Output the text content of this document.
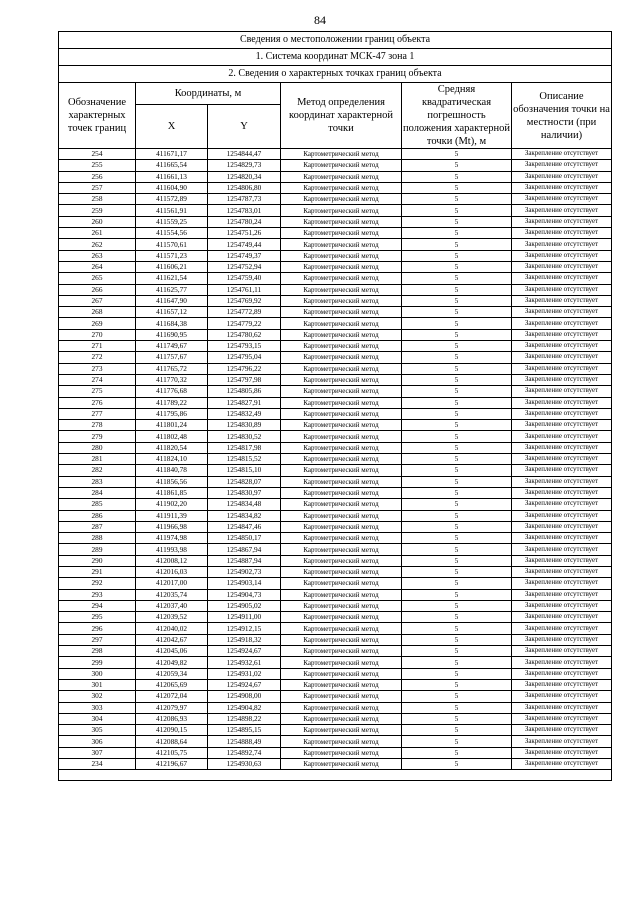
84
Сведения о местоположении границ объекта					
1. Система координат МСК-47 зона 1					
2. Сведения о характерных точках границ объекта					
Обозначение характерных точек границ	Координаты, м		Метод определения координат характерной точки	Средняя квадратическая погрешность положения характерной точки (Mt), м	Описание обозначения точки на местности (при наличии)
	X	Y			
254	411671,17	1254844,47	Картометрический метод	5	Закрепление отсутствует
255	411665,54	1254829,73	Картометрический метод	5	Закрепление отсутствует
256	411661,13	1254820,34	Картометрический метод	5	Закрепление отсутствует
257	411604,90	1254806,80	Картометрический метод	5	Закрепление отсутствует
258	411572,89	1254787,73	Картометрический метод	5	Закрепление отсутствует
259	411561,91	1254783,01	Картометрический метод	5	Закрепление отсутствует
260	411559,25	1254780,24	Картометрический метод	5	Закрепление отсутствует
261	411554,56	1254751,26	Картометрический метод	5	Закрепление отсутствует
262	411570,61	1254749,44	Картометрический метод	5	Закрепление отсутствует
263	411571,23	1254749,37	Картометрический метод	5	Закрепление отсутствует
264	411606,21	1254752,94	Картометрический метод	5	Закрепление отсутствует
265	411621,54	1254759,40	Картометрический метод	5	Закрепление отсутствует
266	411625,77	1254761,11	Картометрический метод	5	Закрепление отсутствует
267	411647,90	1254769,92	Картометрический метод	5	Закрепление отсутствует
268	411657,12	1254772,89	Картометрический метод	5	Закрепление отсутствует
269	411684,38	1254779,22	Картометрический метод	5	Закрепление отсутствует
270	411690,95	1254780,62	Картометрический метод	5	Закрепление отсутствует
271	411749,67	1254793,15	Картометрический метод	5	Закрепление отсутствует
272	411757,67	1254795,04	Картометрический метод	5	Закрепление отсутствует
273	411765,72	1254796,22	Картометрический метод	5	Закрепление отсутствует
274	411770,32	1254797,98	Картометрический метод	5	Закрепление отсутствует
275	411776,68	1254805,86	Картометрический метод	5	Закрепление отсутствует
276	411789,22	1254827,91	Картометрический метод	5	Закрепление отсутствует
277	411795,86	1254832,49	Картометрический метод	5	Закрепление отсутствует
278	411801,24	1254830,89	Картометрический метод	5	Закрепление отсутствует
279	411802,48	1254830,52	Картометрический метод	5	Закрепление отсутствует
280	411820,54	1254817,98	Картометрический метод	5	Закрепление отсутствует
281	411824,10	1254815,52	Картометрический метод	5	Закрепление отсутствует
282	411840,78	1254815,10	Картометрический метод	5	Закрепление отсутствует
283	411856,56	1254828,07	Картометрический метод	5	Закрепление отсутствует
284	411861,85	1254830,97	Картометрический метод	5	Закрепление отсутствует
285	411902,20	1254834,48	Картометрический метод	5	Закрепление отсутствует
286	411911,39	1254834,82	Картометрический метод	5	Закрепление отсутствует
287	411966,98	1254847,46	Картометрический метод	5	Закрепление отсутствует
288	411974,98	1254850,17	Картометрический метод	5	Закрепление отсутствует
289	411993,98	1254867,94	Картометрический метод	5	Закрепление отсутствует
290	412008,12	1254887,94	Картометрический метод	5	Закрепление отсутствует
291	412016,03	1254902,73	Картометрический метод	5	Закрепление отсутствует
292	412017,00	1254903,14	Картометрический метод	5	Закрепление отсутствует
293	412035,74	1254904,73	Картометрический метод	5	Закрепление отсутствует
294	412037,40	1254905,02	Картометрический метод	5	Закрепление отсутствует
295	412039,52	1254911,00	Картометрический метод	5	Закрепление отсутствует
296	412040,02	1254912,15	Картометрический метод	5	Закрепление отсутствует
297	412042,67	1254918,32	Картометрический метод	5	Закрепление отсутствует
298	412045,06	1254924,67	Картометрический метод	5	Закрепление отсутствует
299	412049,82	1254932,61	Картометрический метод	5	Закрепление отсутствует
300	412059,34	1254931,02	Картометрический метод	5	Закрепление отсутствует
301	412065,69	1254924,67	Картометрический метод	5	Закрепление отсутствует
302	412072,04	1254908,00	Картометрический метод	5	Закрепление отсутствует
303	412079,97	1254904,82	Картометрический метод	5	Закрепление отсутствует
304	412086,93	1254898,22	Картометрический метод	5	Закрепление отсутствует
305	412090,15	1254895,15	Картометрический метод	5	Закрепление отсутствует
306	412088,64	1254888,49	Картометрический метод	5	Закрепление отсутствует
307	412105,75	1254892,74	Картометрический метод	5	Закрепление отсутствует
234	412196,67	1254930,63	Картометрический метод	5	Закрепление отсутствует
